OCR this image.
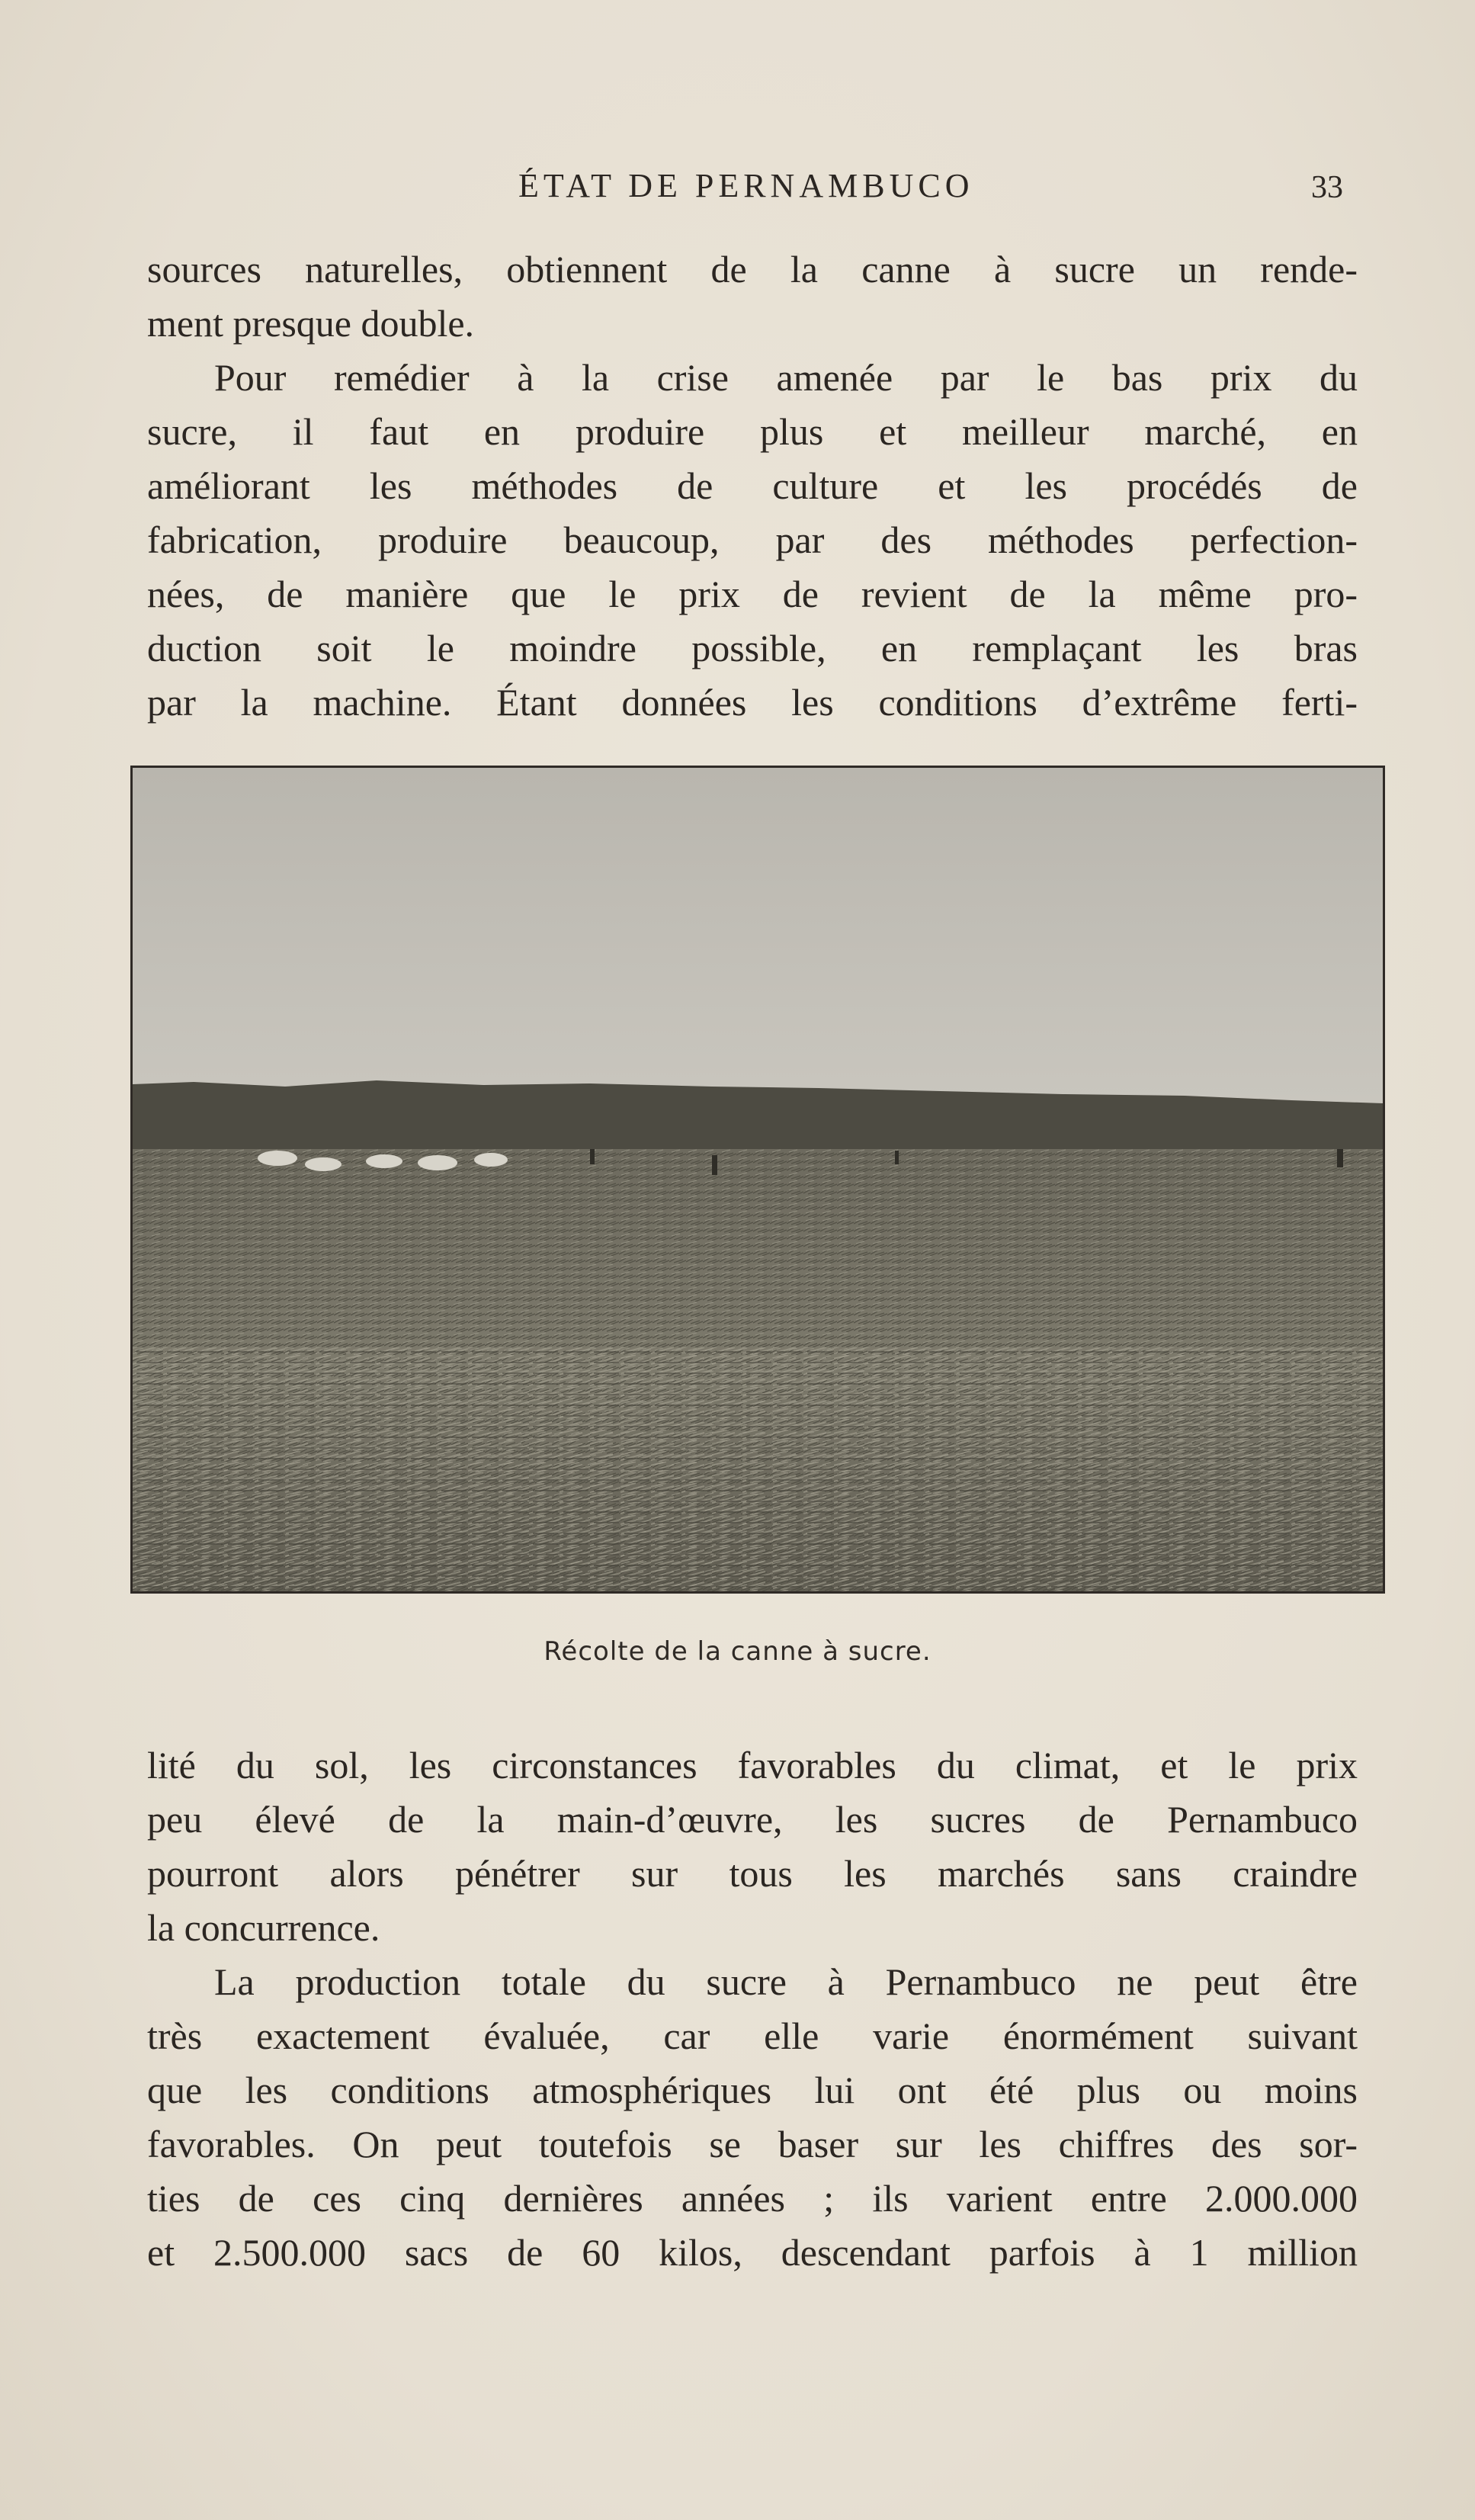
ÉTAT DE PERNAMBUCO	33
sources naturelles, obtiennent de la canne à sucre un rende-
ment presque double.
Pour remédier à la crise amenée par le bas prix du
sucre, il faut en produire plus et meilleur marché, en
améliorant les méthodes de culture et les procédés de
fabrication, produire beaucoup, par des méthodes perfection-
nées, de manière que le prix de revient de la même pro-
duction soit le moindre possible, en remplaçant les bras
par la machine. Étant données les conditions d’extrême ferti-
Récolte de la canne à sucre.
lité du sol, les circonstances favorables du climat, et le prix
peu élevé de la main-d’œuvre, les sucres de Pernambuco
pourront alors pénétrer sur tous les marchés sans craindre
la concurrence.
La production totale du sucre à Pernambuco ne peut être
très exactement évaluée, car elle varie énormément suivant
que les conditions atmosphériques lui ont été plus ou moins
favorables. On peut toutefois se baser sur les chiffres des sor-
ties de ces cinq dernières années ; ils varient entre 2.000.000
et 2.500.000 sacs de 60 kilos, descendant parfois à 1 million
